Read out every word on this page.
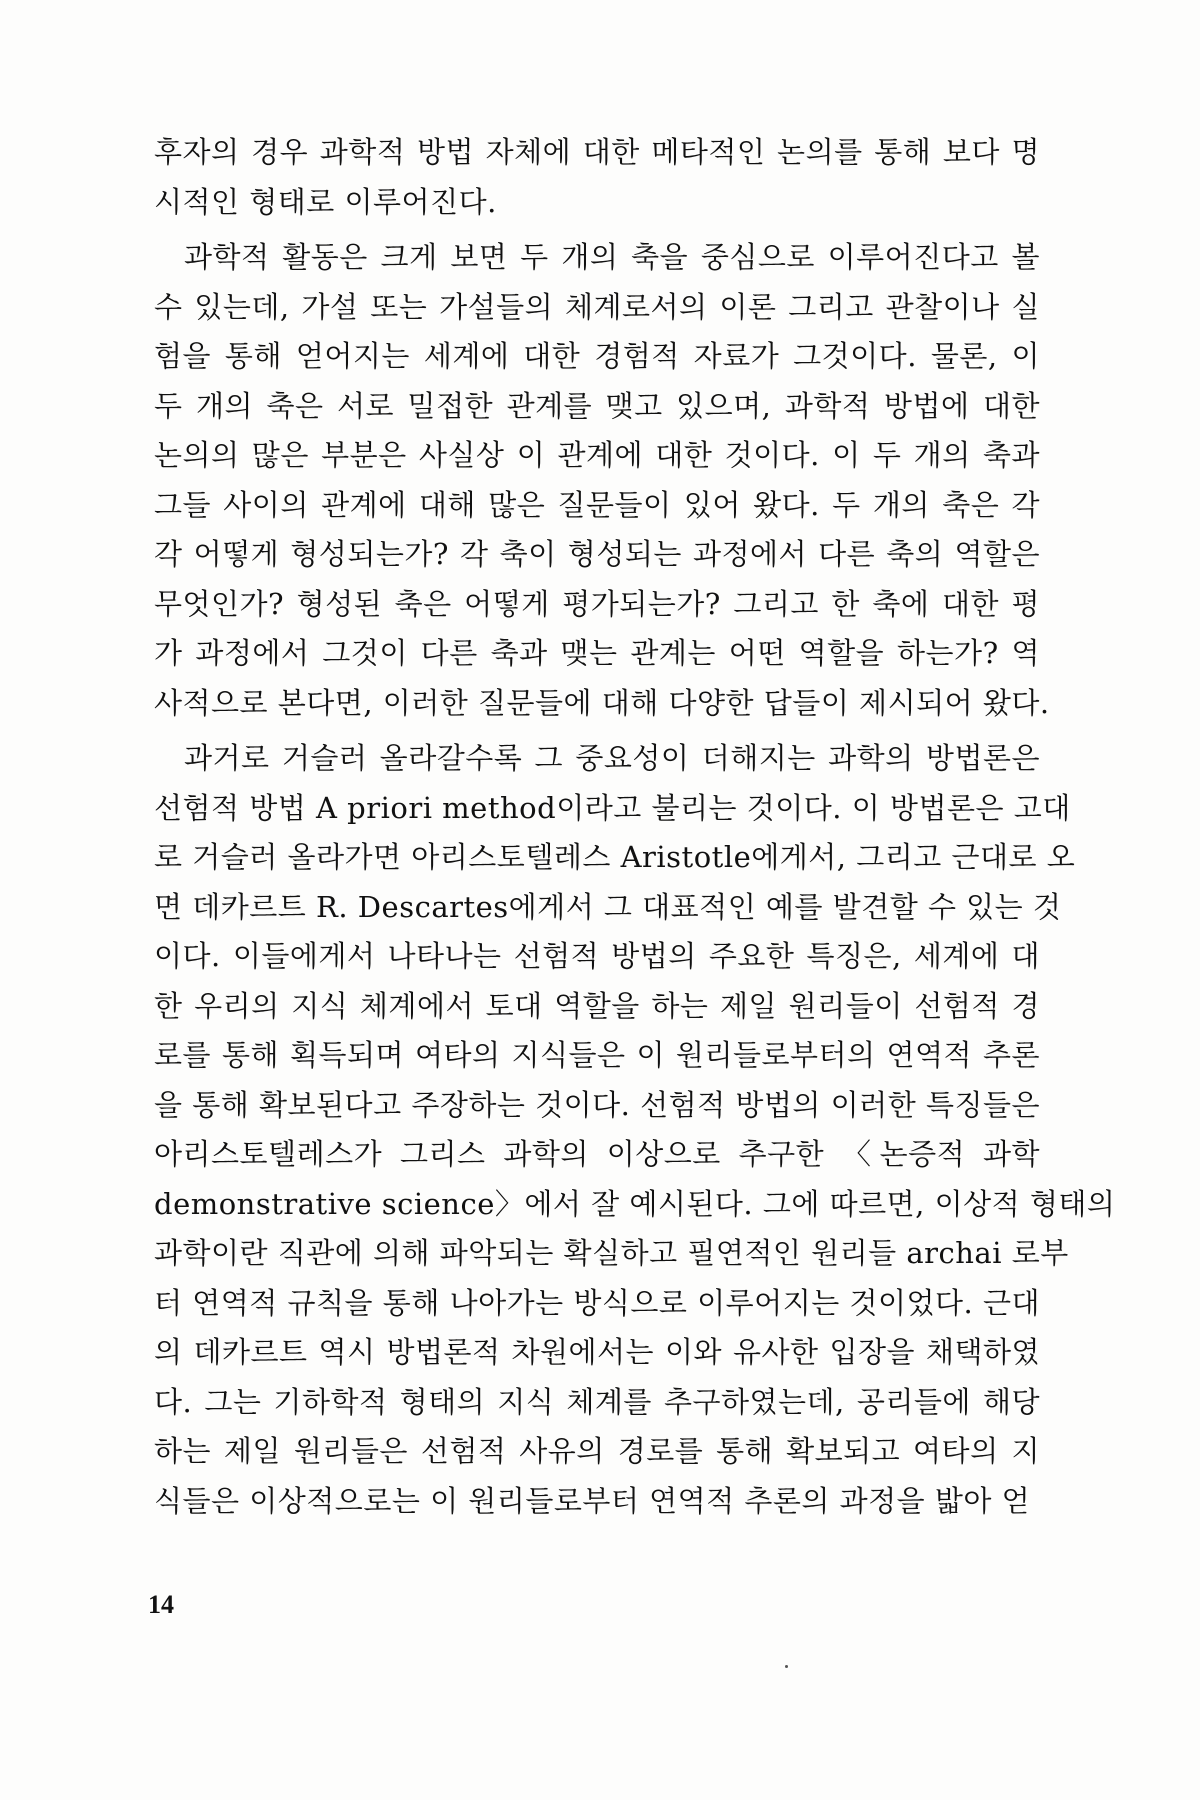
후자의 경우 과학적 방법 자체에 대한 메타적인 논의를 통해 보다 명
시적인 형태로 이루어진다.
과학적 활동은 크게 보면 두 개의 축을 중심으로 이루어진다고 볼
수 있는데, 가설 또는 가설들의 체계로서의 이론 그리고 관찰이나 실
험을 통해 얻어지는 세계에 대한 경험적 자료가 그것이다. 물론, 이
두 개의 축은 서로 밀접한 관계를 맺고 있으며, 과학적 방법에 대한
논의의 많은 부분은 사실상 이 관계에 대한 것이다. 이 두 개의 축과
그들 사이의 관계에 대해 많은 질문들이 있어 왔다. 두 개의 축은 각
각 어떻게 형성되는가? 각 축이 형성되는 과정에서 다른 축의 역할은
무엇인가? 형성된 축은 어떻게 평가되는가? 그리고 한 축에 대한 평
가 과정에서 그것이 다른 축과 맺는 관계는 어떤 역할을 하는가? 역
사적으로 본다면, 이러한 질문들에 대해 다양한 답들이 제시되어 왔다.
과거로 거슬러 올라갈수록 그 중요성이 더해지는 과학의 방법론은
선험적 방법 A priori method이라고 불리는 것이다. 이 방법론은 고대
로 거슬러 올라가면 아리스토텔레스 Aristotle에게서, 그리고 근대로 오
면 데카르트 R. Descartes에게서 그 대표적인 예를 발견할 수 있는 것
이다. 이들에게서 나타나는 선험적 방법의 주요한 특징은, 세계에 대
한 우리의 지식 체계에서 토대 역할을 하는 제일 원리들이 선험적 경
로를 통해 획득되며 여타의 지식들은 이 원리들로부터의 연역적 추론
을 통해 확보된다고 주장하는 것이다. 선험적 방법의 이러한 특징들은
아리스토텔레스가 그리스 과학의 이상으로 추구한 〈논증적 과학
demonstrative science〉에서 잘 예시된다. 그에 따르면, 이상적 형태의
과학이란 직관에 의해 파악되는 확실하고 필연적인 원리들 archai 로부
터 연역적 규칙을 통해 나아가는 방식으로 이루어지는 것이었다. 근대
의 데카르트 역시 방법론적 차원에서는 이와 유사한 입장을 채택하였
다. 그는 기하학적 형태의 지식 체계를 추구하였는데, 공리들에 해당
하는 제일 원리들은 선험적 사유의 경로를 통해 확보되고 여타의 지
식들은 이상적으로는 이 원리들로부터 연역적 추론의 과정을 밟아 얻
14
